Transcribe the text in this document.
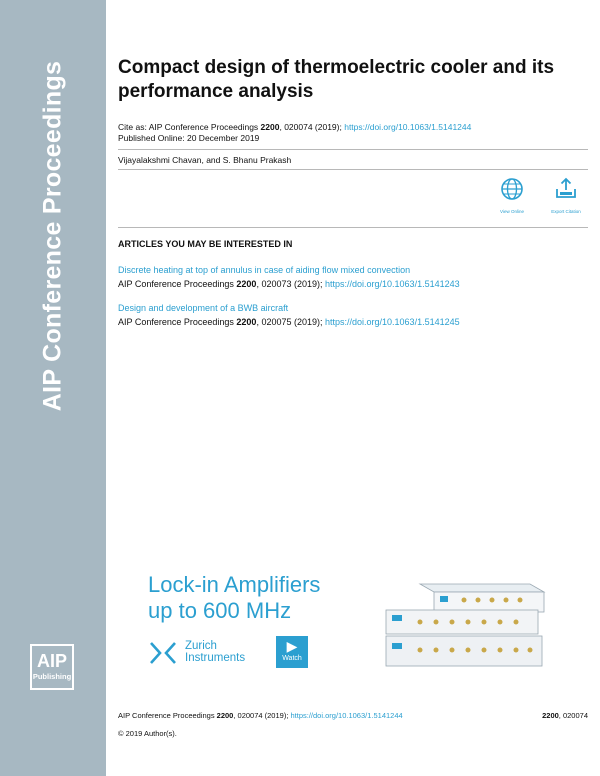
AIP Conference Proceedings
AIP
Publishing
Compact design of thermoelectric cooler and its performance analysis
Cite as: AIP Conference Proceedings 2200, 020074 (2019); https://doi.org/10.1063/1.5141244
Published Online: 20 December 2019
Vijayalakshmi Chavan, and S. Bhanu Prakash
View Online	Export Citation
ARTICLES YOU MAY BE INTERESTED IN
Discrete heating at top of annulus in case of aiding flow mixed convection
AIP Conference Proceedings 2200, 020073 (2019); https://doi.org/10.1063/1.5141243
Design and development of a BWB aircraft
AIP Conference Proceedings 2200, 020075 (2019); https://doi.org/10.1063/1.5141245
Lock-in Amplifiers
up to 600 MHz
Zurich
Instruments
▶
Watch
AIP Conference Proceedings 2200, 020074 (2019); https://doi.org/10.1063/1.5141244	2200, 020074
© 2019 Author(s).
